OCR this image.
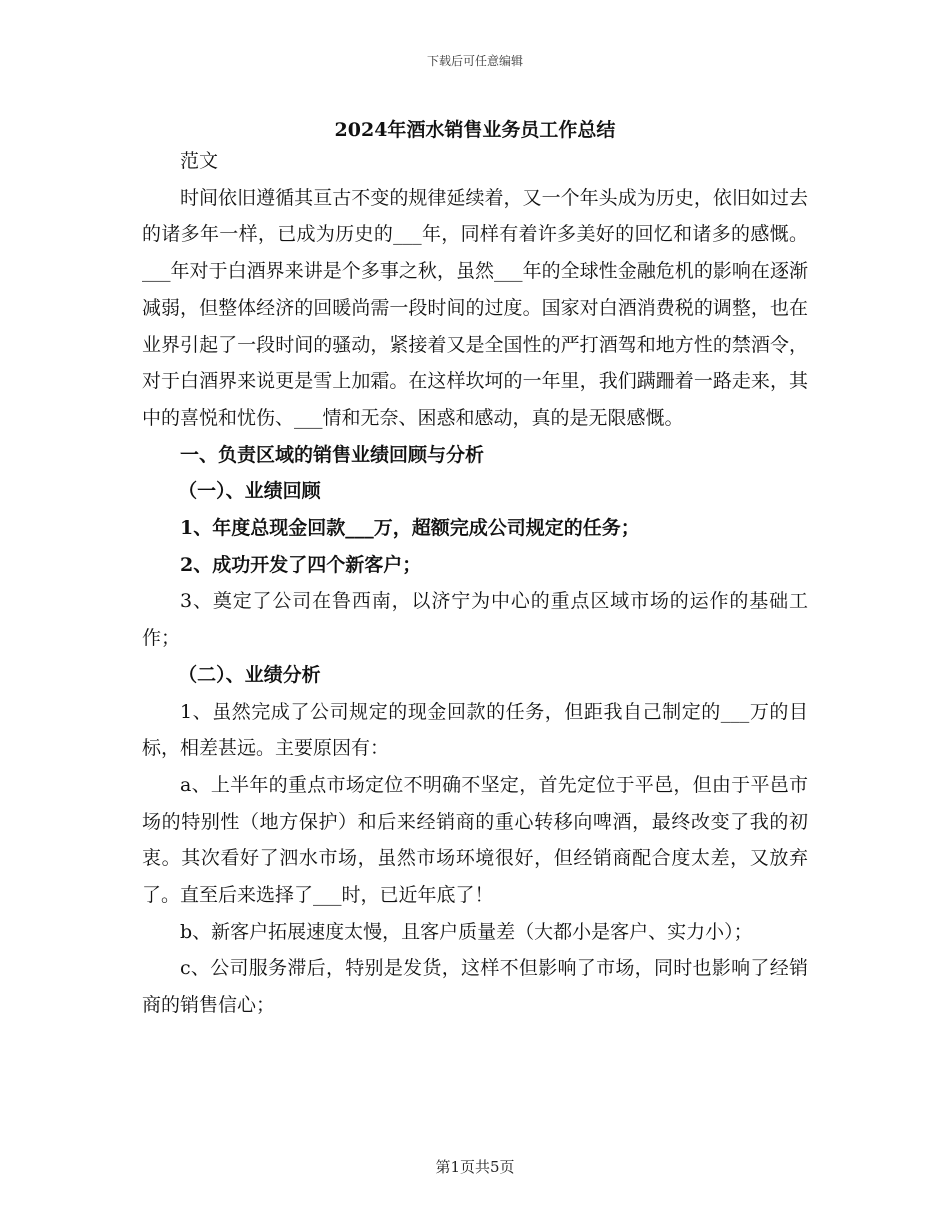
下载后可任意编辑
2024年酒水销售业务员工作总结

范文

时间依旧遵循其亘古不变的规律延续着，又一个年头成为历史，依旧如过去的诸多年一样，已成为历史的___年，同样有着许多美好的回忆和诸多的感慨。___年对于白酒界来讲是个多事之秋，虽然___年的全球性金融危机的影响在逐渐减弱，但整体经济的回暖尚需一段时间的过度。国家对白酒消费税的调整，也在业界引起了一段时间的骚动，紧接着又是全国性的严打酒驾和地方性的禁酒令，对于白酒界来说更是雪上加霜。在这样坎坷的一年里，我们蹒跚着一路走来，其中的喜悦和忧伤、___情和无奈、困惑和感动，真的是无限感慨。

一、负责区域的销售业绩回顾与分析

（一）、业绩回顾

1、年度总现金回款___万，超额完成公司规定的任务；

2、成功开发了四个新客户；

3、奠定了公司在鲁西南，以济宁为中心的重点区域市场的运作的基础工作；

（二）、业绩分析

1、虽然完成了公司规定的现金回款的任务，但距我自己制定的___万的目标，相差甚远。主要原因有：

a、上半年的重点市场定位不明确不坚定，首先定位于平邑，但由于平邑市场的特别性（地方保护）和后来经销商的重心转移向啤酒，最终改变了我的初衷。其次看好了泗水市场，虽然市场环境很好，但经销商配合度太差，又放弃了。直至后来选择了___时，已近年底了！

b、新客户拓展速度太慢，且客户质量差（大都小是客户、实力小）；

c、公司服务滞后，特别是发货，这样不但影响了市场，同时也影响了经销商的销售信心；

第1页共5页
